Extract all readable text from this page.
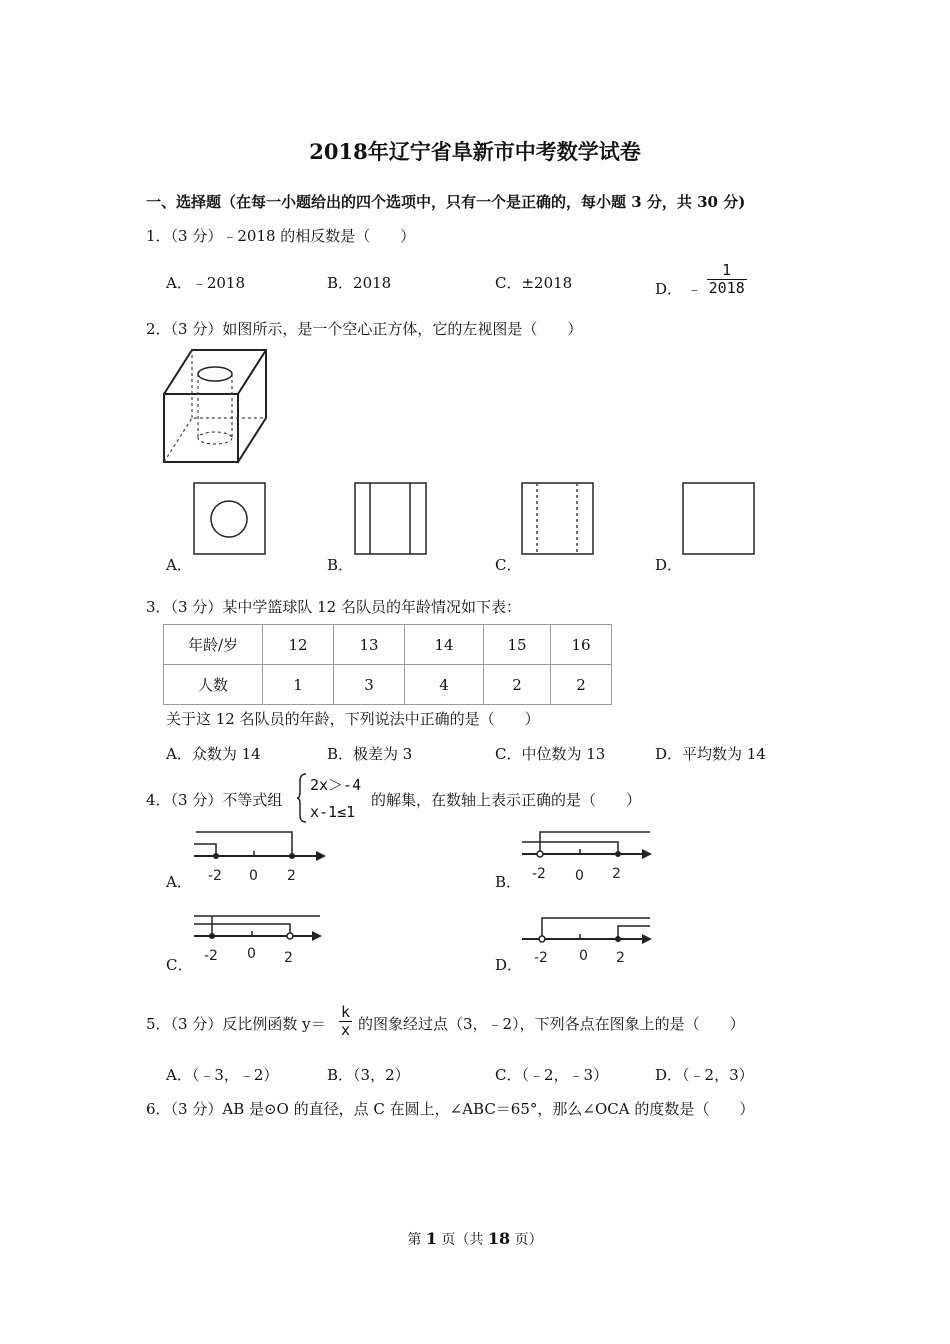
2018年辽宁省阜新市中考数学试卷
一、选择题（在每一小题给出的四个选项中，只有一个是正确的，每小题 3 分，共 30 分)
1．（3 分）﹣2018 的相反数是（　　）
A．﹣2018	B．2018	C．±2018	D． ﹣ $\frac{1}{2018}$
2．（3 分）如图所示，是一个空心正方体，它的左视图是（　　）
A．	B．	C．	D．
3．（3 分）某中学篮球队 12 名队员的年龄情况如下表：
年龄/岁	12	13	14	15	16
人数	1	3	4	2	2
关于这 12 名队员的年龄，下列说法中正确的是（　　）
A．众数为 14	B．极差为 3	C．中位数为 13	D．平均数为 14
4．（3 分）不等式组
2x＞-4
x-1≤1
的解集，在数轴上表示正确的是（　　）
-2 0 2
A．	-2 0 2
B．
-2 0 2
C．	-2 0 2
D．
5．（3 分）反比例函数 $y= \frac{k}{x}$ 的图象经过点（3，﹣2），下列各点在图象上的是（　　）
A．（﹣3，﹣2）	B．（3，2）	C．（﹣2，﹣3）	D．（﹣2，3）
6．（3 分）AB 是⊙O 的直径，点 C 在圆上，∠ABC＝65°，那么∠OCA 的度数是（　　）
第 1 页（共 18 页）
